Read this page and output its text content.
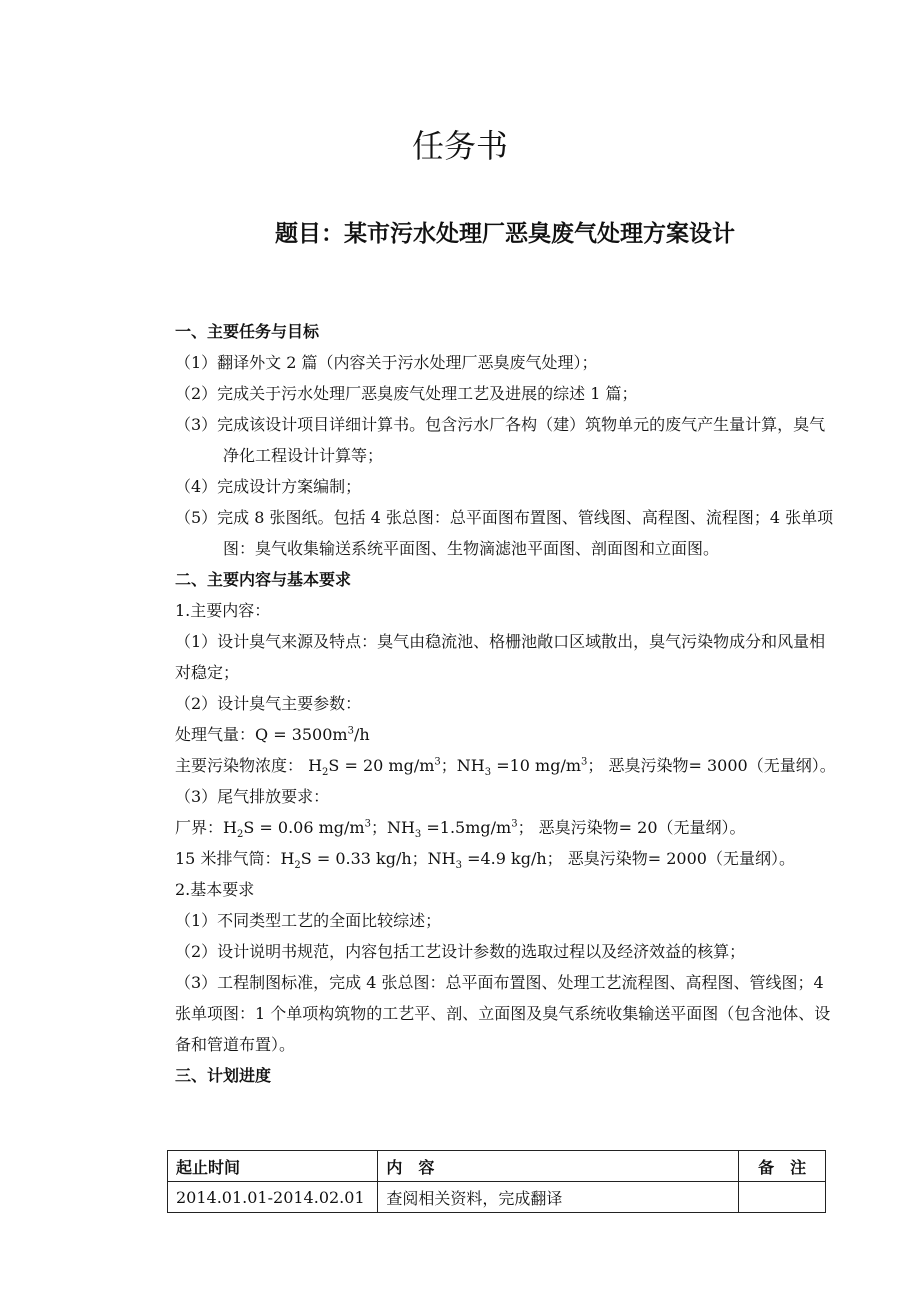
任务书
题目：某市污水处理厂恶臭废气处理方案设计
一、主要任务与目标
（1）翻译外文 2 篇（内容关于污水处理厂恶臭废气处理）；
（2）完成关于污水处理厂恶臭废气处理工艺及进展的综述 1 篇；
（3）完成该设计项目详细计算书。包含污水厂各构（建）筑物单元的废气产生量计算，臭气净化工程设计计算等；
（4）完成设计方案编制；
（5）完成 8 张图纸。包括 4 张总图：总平面图布置图、管线图、高程图、流程图；4 张单项图：臭气收集输送系统平面图、生物滴滤池平面图、剖面图和立面图。
二、主要内容与基本要求
1.主要内容：
（1）设计臭气来源及特点：臭气由稳流池、格栅池敞口区域散出，臭气污染物成分和风量相对稳定；
（2）设计臭气主要参数：
处理气量：$Q = 3500m^3/h$
主要污染物浓度： $H_2S = 20$ $mg/m^3$；$NH_3 =10$ $mg/m^3$； 恶臭污染物= 3000（无量纲）。
（3）尾气排放要求：
厂界：$H_2S = 0.06$ $mg/m^3$；$NH_3 =1.5mg/m^3$； 恶臭污染物= 20（无量纲）。
15 米排气筒：$H_2S = 0.33$ kg/h；$NH_3 =4.9$ kg/h； 恶臭污染物= 2000（无量纲）。
2.基本要求
（1）不同类型工艺的全面比较综述；
（2）设计说明书规范，内容包括工艺设计参数的选取过程以及经济效益的核算；
（3）工程制图标准，完成 4 张总图：总平面布置图、处理工艺流程图、高程图、管线图；4 张单项图：1 个单项构筑物的工艺平、剖、立面图及臭气系统收集输送平面图（包含池体、设备和管道布置）。
三、计划进度
起止时间	内　容	备　注
2014.01.01-2014.02.01	查阅相关资料，完成翻译	
